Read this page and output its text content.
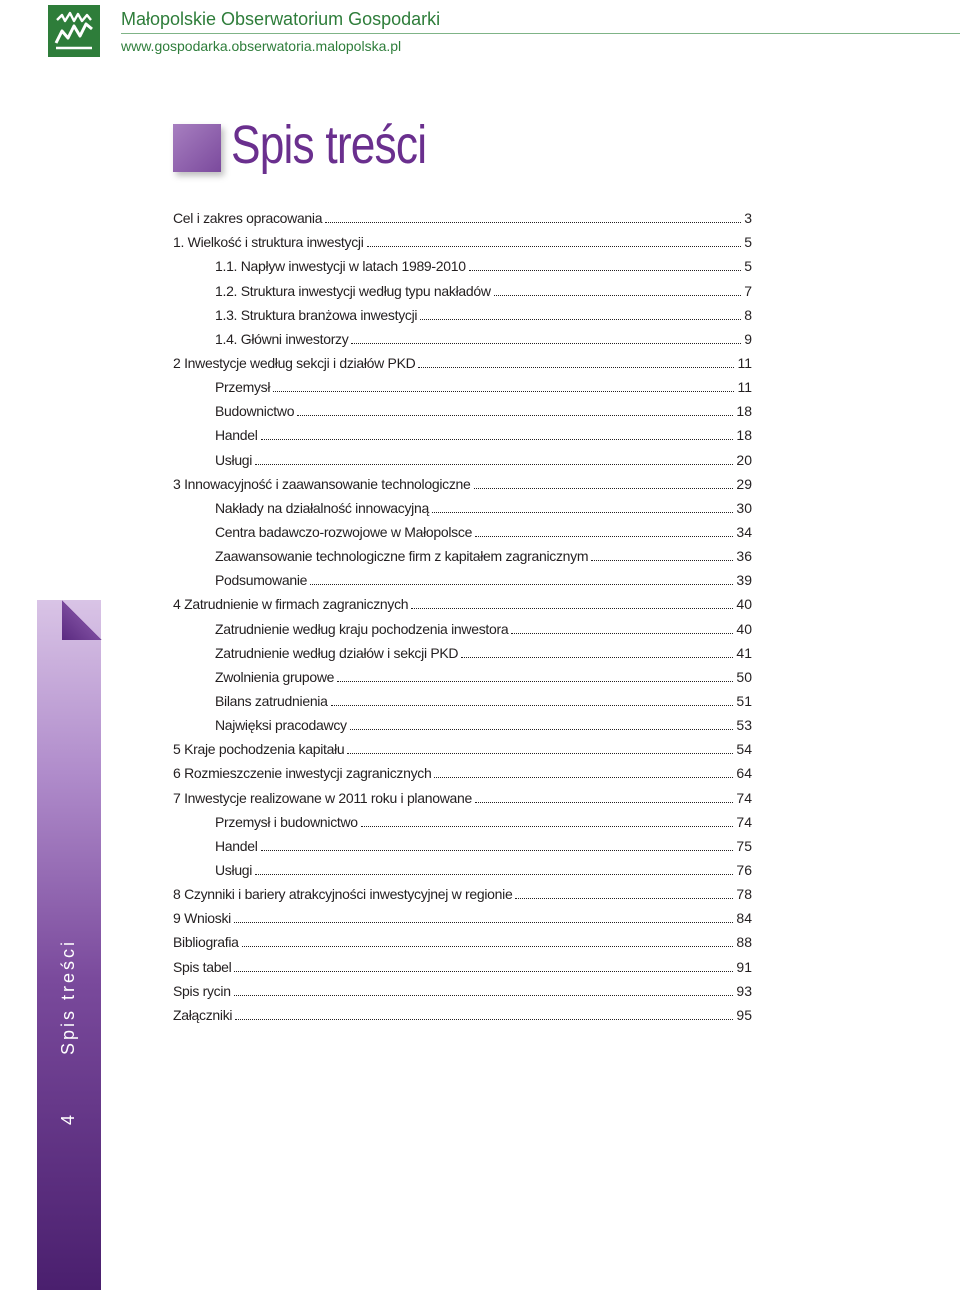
Małopolskie Obserwatorium Gospodarki
www.gospodarka.obserwatoria.malopolska.pl
Spis treści
Cel i zakres opracowania	3
1. Wielkość i struktura inwestycji	5
1.1. Napływ inwestycji w latach 1989-2010	5
1.2. Struktura inwestycji według typu nakładów	7
1.3. Struktura branżowa inwestycji	8
1.4. Główni inwestorzy	9
2 Inwestycje według sekcji i działów PKD	11
Przemysł	11
Budownictwo	18
Handel	18
Usługi	20
3 Innowacyjność i zaawansowanie technologiczne	29
Nakłady na działalność innowacyjną	30
Centra badawczo-rozwojowe w Małopolsce	34
Zaawansowanie technologiczne firm z kapitałem zagranicznym	36
Podsumowanie	39
4 Zatrudnienie w firmach zagranicznych	40
Zatrudnienie według kraju pochodzenia inwestora	40
Zatrudnienie według działów i sekcji PKD	41
Zwolnienia grupowe	50
Bilans zatrudnienia	51
Najwięksi pracodawcy	53
5 Kraje pochodzenia kapitału	54
6 Rozmieszczenie inwestycji zagranicznych	64
7 Inwestycje realizowane w 2011 roku i planowane	74
Przemysł i budownictwo	74
Handel	75
Usługi	76
8 Czynniki i bariery atrakcyjności inwestycyjnej w regionie	78
9 Wnioski	84
Bibliografia	88
Spis tabel	91
Spis rycin	93
Załączniki	95
Spis treści
4
